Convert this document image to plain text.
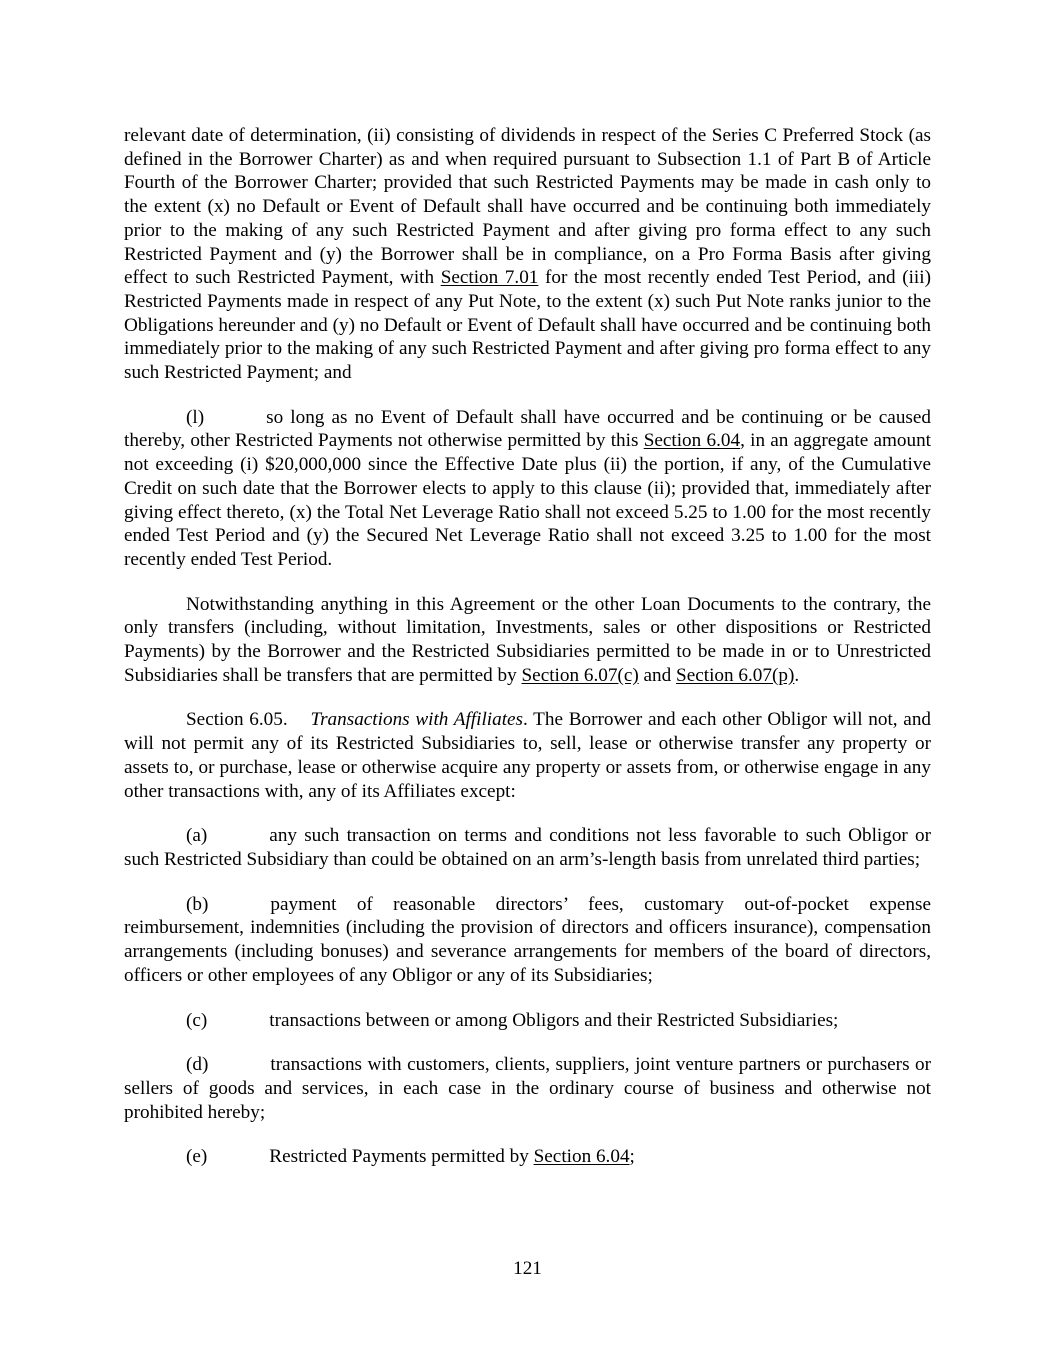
relevant date of determination, (ii) consisting of dividends in respect of the Series C Preferred Stock (as defined in the Borrower Charter) as and when required pursuant to Subsection 1.1 of Part B of Article Fourth of the Borrower Charter; provided that such Restricted Payments may be made in cash only to the extent (x) no Default or Event of Default shall have occurred and be continuing both immediately prior to the making of any such Restricted Payment and after giving pro forma effect to any such Restricted Payment and (y) the Borrower shall be in compliance, on a Pro Forma Basis after giving effect to such Restricted Payment, with Section 7.01 for the most recently ended Test Period, and (iii) Restricted Payments made in respect of any Put Note, to the extent (x) such Put Note ranks junior to the Obligations hereunder and (y) no Default or Event of Default shall have occurred and be continuing both immediately prior to the making of any such Restricted Payment and after giving pro forma effect to any such Restricted Payment; and

(l)	so long as no Event of Default shall have occurred and be continuing or be caused thereby, other Restricted Payments not otherwise permitted by this Section 6.04, in an aggregate amount not exceeding (i) $20,000,000 since the Effective Date plus (ii) the portion, if any, of the Cumulative Credit on such date that the Borrower elects to apply to this clause (ii); provided that, immediately after giving effect thereto, (x) the Total Net Leverage Ratio shall not exceed 5.25 to 1.00 for the most recently ended Test Period and (y) the Secured Net Leverage Ratio shall not exceed 3.25 to 1.00 for the most recently ended Test Period.

Notwithstanding anything in this Agreement or the other Loan Documents to the contrary, the only transfers (including, without limitation, Investments, sales or other dispositions or Restricted Payments) by the Borrower and the Restricted Subsidiaries permitted to be made in or to Unrestricted Subsidiaries shall be transfers that are permitted by Section 6.07(c) and Section 6.07(p).

Section 6.05. Transactions with Affiliates. The Borrower and each other Obligor will not, and will not permit any of its Restricted Subsidiaries to, sell, lease or otherwise transfer any property or assets to, or purchase, lease or otherwise acquire any property or assets from, or otherwise engage in any other transactions with, any of its Affiliates except:

(a)	any such transaction on terms and conditions not less favorable to such Obligor or such Restricted Subsidiary than could be obtained on an arm’s-length basis from unrelated third parties;

(b)	payment of reasonable directors’ fees, customary out-of-pocket expense reimbursement, indemnities (including the provision of directors and officers insurance), compensation arrangements (including bonuses) and severance arrangements for members of the board of directors, officers or other employees of any Obligor or any of its Subsidiaries;

(c)	transactions between or among Obligors and their Restricted Subsidiaries;

(d)	transactions with customers, clients, suppliers, joint venture partners or purchasers or sellers of goods and services, in each case in the ordinary course of business and otherwise not prohibited hereby;

(e)	Restricted Payments permitted by Section 6.04;

121
